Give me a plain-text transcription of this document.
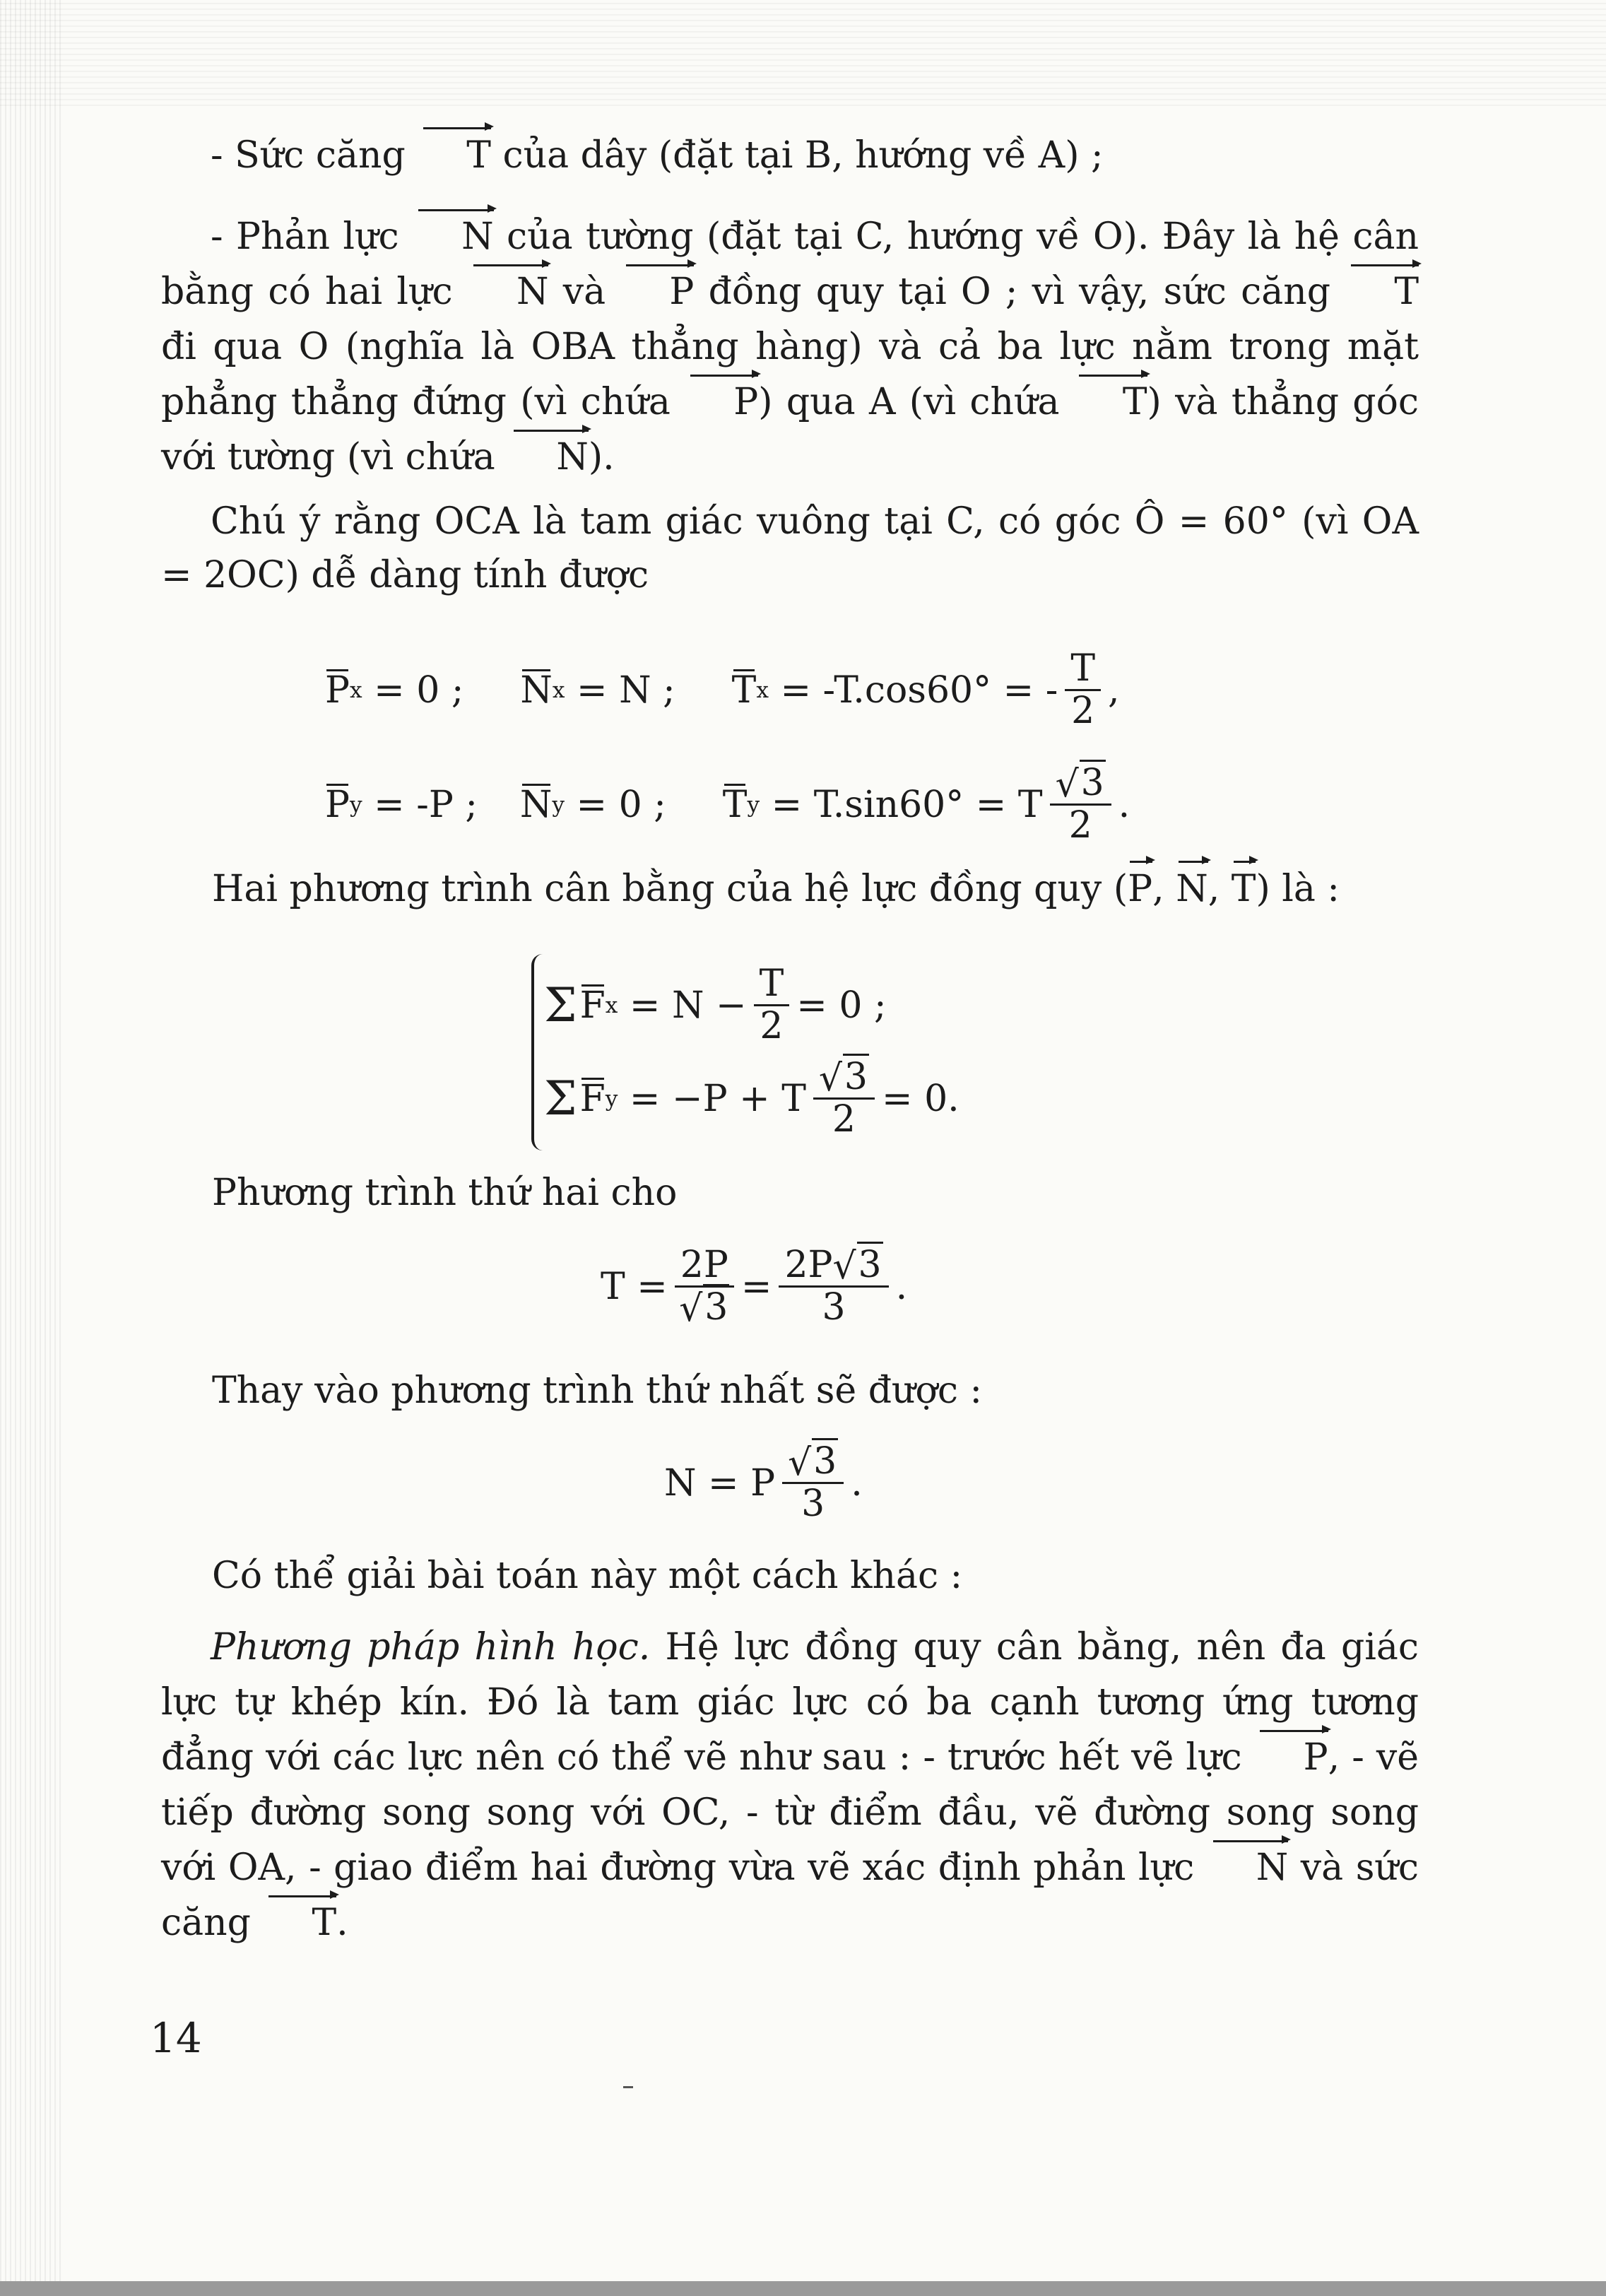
- Sức căng T của dây (đặt tại B, hướng về A) ;

- Phản lực N của tường (đặt tại C, hướng về O). Đây là hệ cân bằng có hai lực N và P đồng quy tại O ; vì vậy, sức căng T đi qua O (nghĩa là OBA thẳng hàng) và cả ba lực nằm trong mặt phẳng thẳng đứng (vì chứa P) qua A (vì chứa T) và thẳng góc với tường (vì chứa N).
Chú ý rằng OCA là tam giác vuông tại C, có góc Ô = 60° (vì OA = 2OC) dễ dàng tính được
P x = 0 ; N x = N ; T x = -T.cos60° = - $\frac{T}{2}$ ,
P y = -P ; N y = 0 ; T y = T.sin60° = T √ $\frac{3}{2}$ .

Hai phương trình cân bằng của hệ lực đồng quy (P, N, T) là :

Σ F $x = N - \frac{T}{2} = 0$ ;
Σ F y = −P + T √ $\frac{3}{2} = 0$.

Phương trình thứ hai cho

T = 2P
√ $3 = \frac{2P √ 3}{3}$ .

Thay vào phương trình thứ nhất sẽ được :

N = P √ $\frac{3}{3}$ .

Có thể giải bài toán này một cách khác :

Phương pháp hình học. Hệ lực đồng quy cân bằng, nên đa giác lực tự khép kín. Đó là tam giác lực có ba cạnh tương ứng tương đẳng với các lực nên có thể vẽ như sau : - trước hết vẽ lực P, - vẽ tiếp đường song song với OC, - từ điểm đầu, vẽ đường song song với OA, - giao điểm hai đường vừa vẽ xác định phản lực N và sức căng T.
14
